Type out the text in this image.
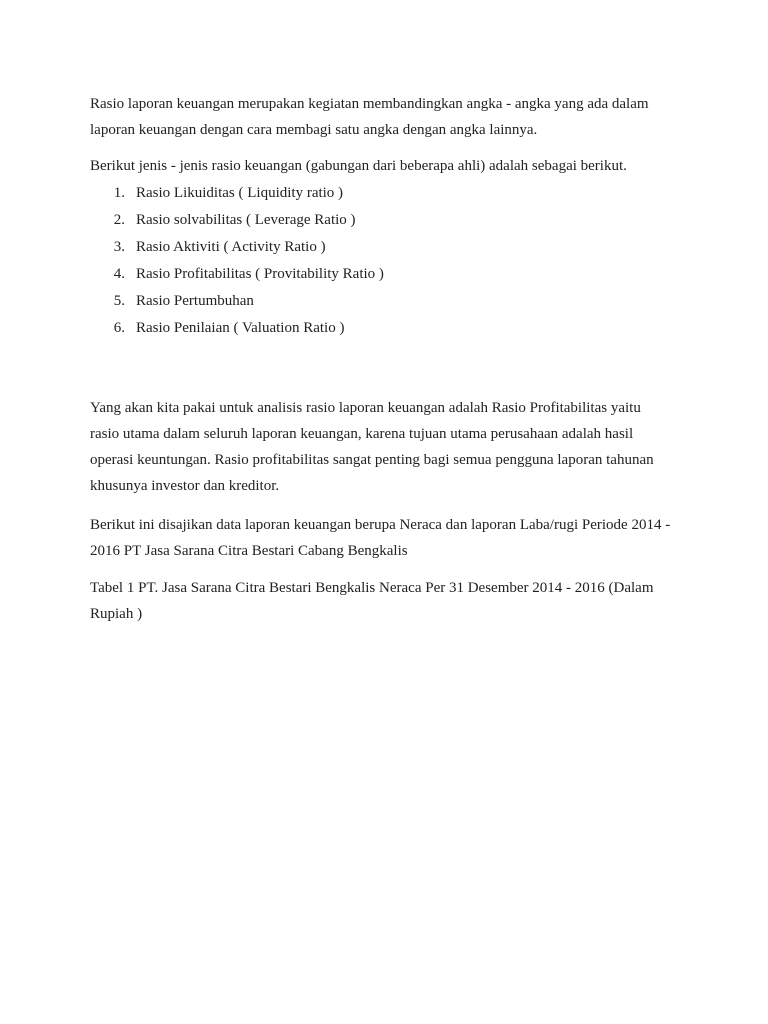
Rasio laporan keuangan merupakan kegiatan membandingkan angka - angka yang ada dalam
laporan keuangan dengan cara membagi satu angka dengan angka lainnya.

Berikut jenis - jenis rasio keuangan (gabungan dari beberapa ahli) adalah sebagai berikut.

1. Rasio Likuiditas ( Liquidity ratio )
2. Rasio solvabilitas ( Leverage Ratio )
3. Rasio Aktiviti ( Activity Ratio )
4. Rasio Profitabilitas ( Provitability Ratio )
5. Rasio Pertumbuhan
6. Rasio Penilaian ( Valuation Ratio )

Yang akan kita pakai untuk analisis rasio laporan keuangan adalah Rasio Profitabilitas yaitu
rasio utama dalam seluruh laporan keuangan, karena tujuan utama perusahaan adalah hasil
operasi keuntungan. Rasio profitabilitas sangat penting bagi semua pengguna laporan tahunan
khusunya investor dan kreditor.

Berikut ini disajikan data laporan keuangan berupa Neraca dan laporan Laba/rugi Periode 2014 -
2016 PT Jasa Sarana Citra Bestari Cabang Bengkalis

Tabel 1 PT. Jasa Sarana Citra Bestari Bengkalis Neraca Per 31 Desember 2014 - 2016 (Dalam
Rupiah )
